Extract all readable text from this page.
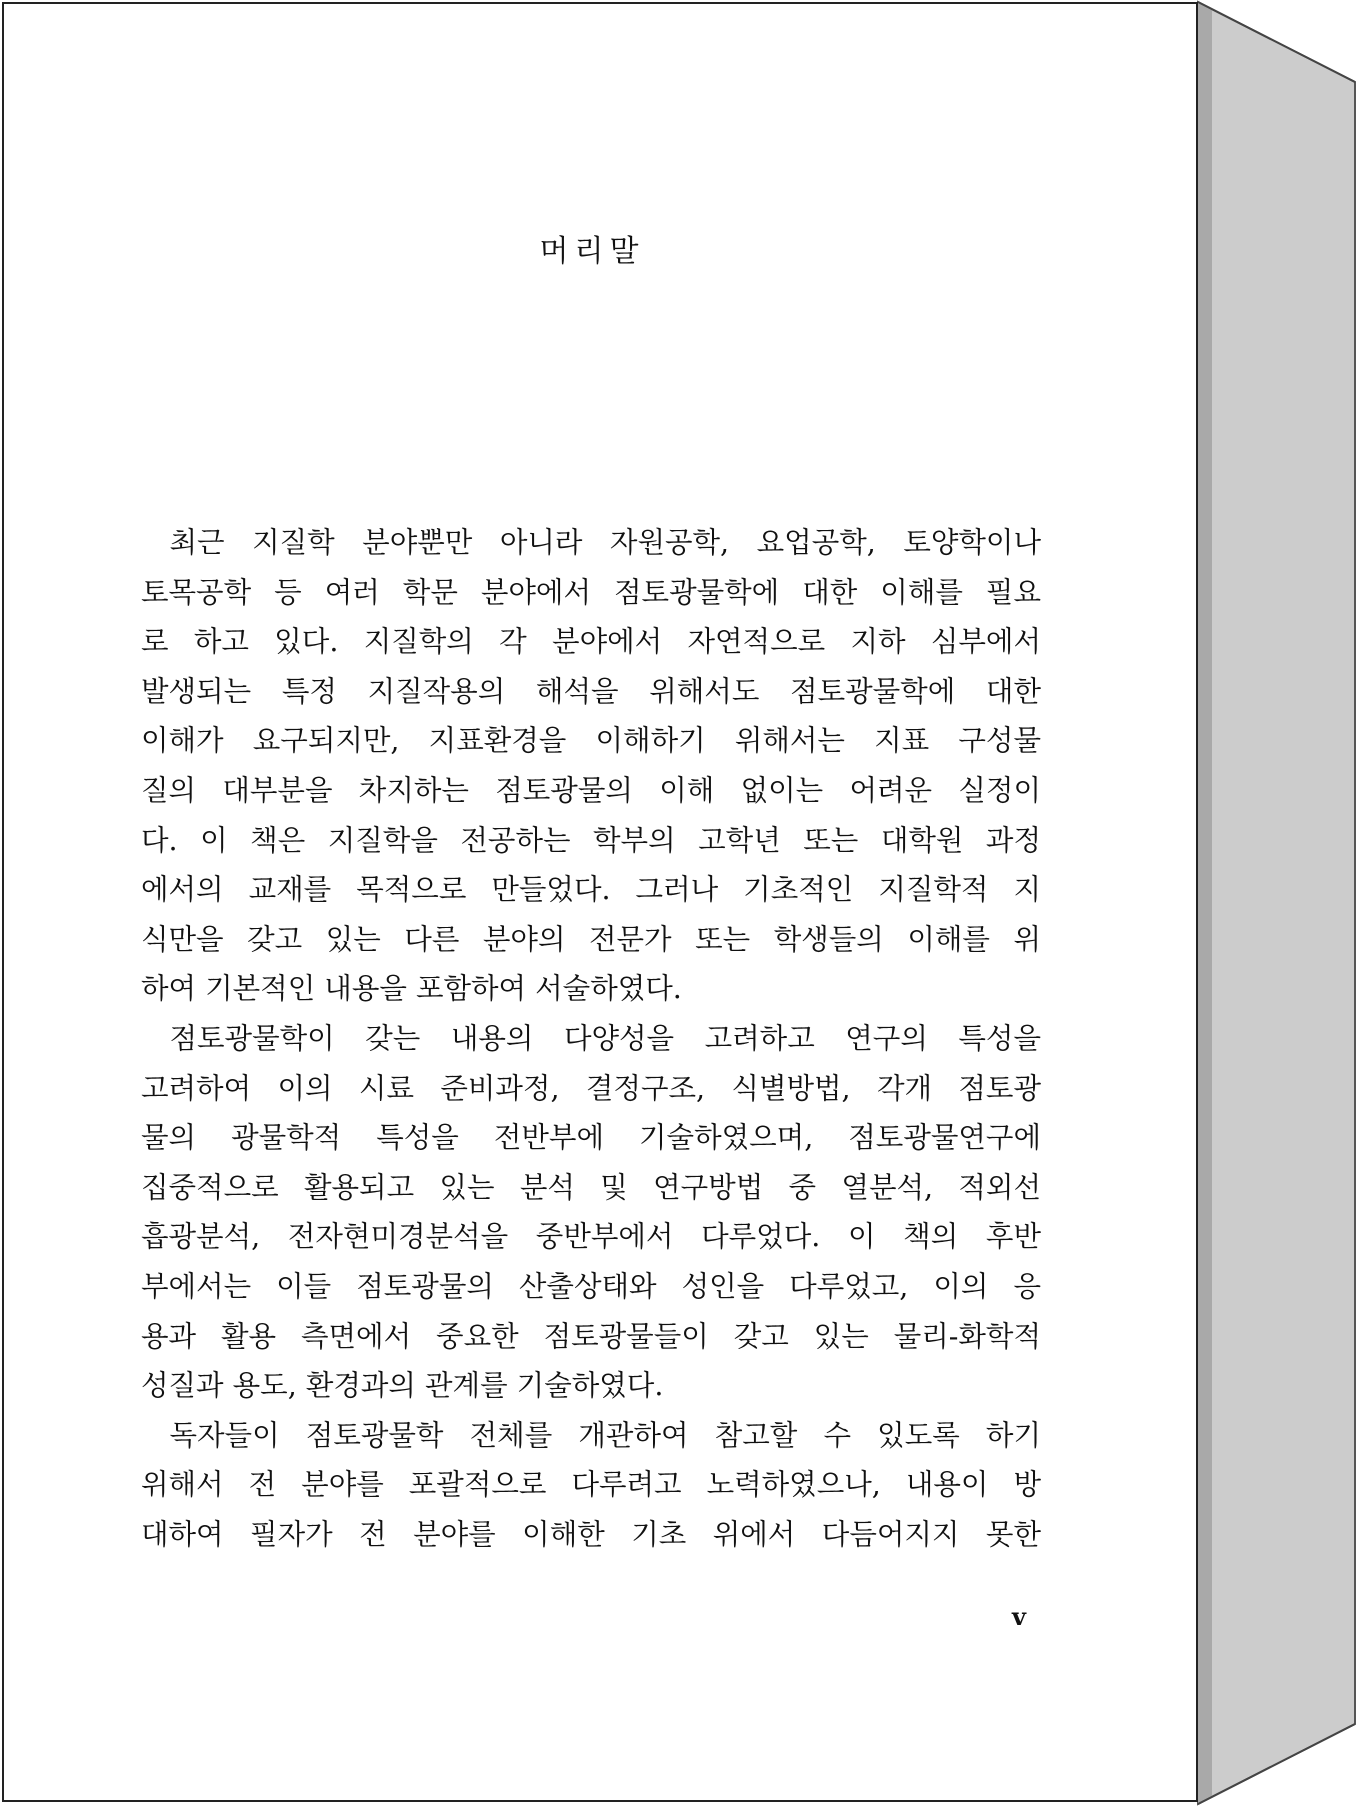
머리말
 최근 지질학 분야뿐만 아니라 자원공학, 요업공학, 토양학이나
토목공학 등 여러 학문 분야에서 점토광물학에 대한 이해를 필요
로 하고 있다. 지질학의 각 분야에서 자연적으로 지하 심부에서
발생되는 특정 지질작용의 해석을 위해서도 점토광물학에 대한
이해가 요구되지만, 지표환경을 이해하기 위해서는 지표 구성물
질의 대부분을 차지하는 점토광물의 이해 없이는 어려운 실정이
다. 이 책은 지질학을 전공하는 학부의 고학년 또는 대학원 과정
에서의 교재를 목적으로 만들었다. 그러나 기초적인 지질학적 지
식만을 갖고 있는 다른 분야의 전문가 또는 학생들의 이해를 위
하여 기본적인 내용을 포함하여 서술하였다.
 점토광물학이 갖는 내용의 다양성을 고려하고 연구의 특성을
고려하여 이의 시료 준비과정, 결정구조, 식별방법, 각개 점토광
물의 광물학적 특성을 전반부에 기술하였으며, 점토광물연구에
집중적으로 활용되고 있는 분석 및 연구방법 중 열분석, 적외선
흡광분석, 전자현미경분석을 중반부에서 다루었다. 이 책의 후반
부에서는 이들 점토광물의 산출상태와 성인을 다루었고, 이의 응
용과 활용 측면에서 중요한 점토광물들이 갖고 있는 물리-화학적
성질과 용도, 환경과의 관계를 기술하였다.
 독자들이 점토광물학 전체를 개관하여 참고할 수 있도록 하기
위해서 전 분야를 포괄적으로 다루려고 노력하였으나, 내용이 방
대하여 필자가 전 분야를 이해한 기초 위에서 다듬어지지 못한
v
